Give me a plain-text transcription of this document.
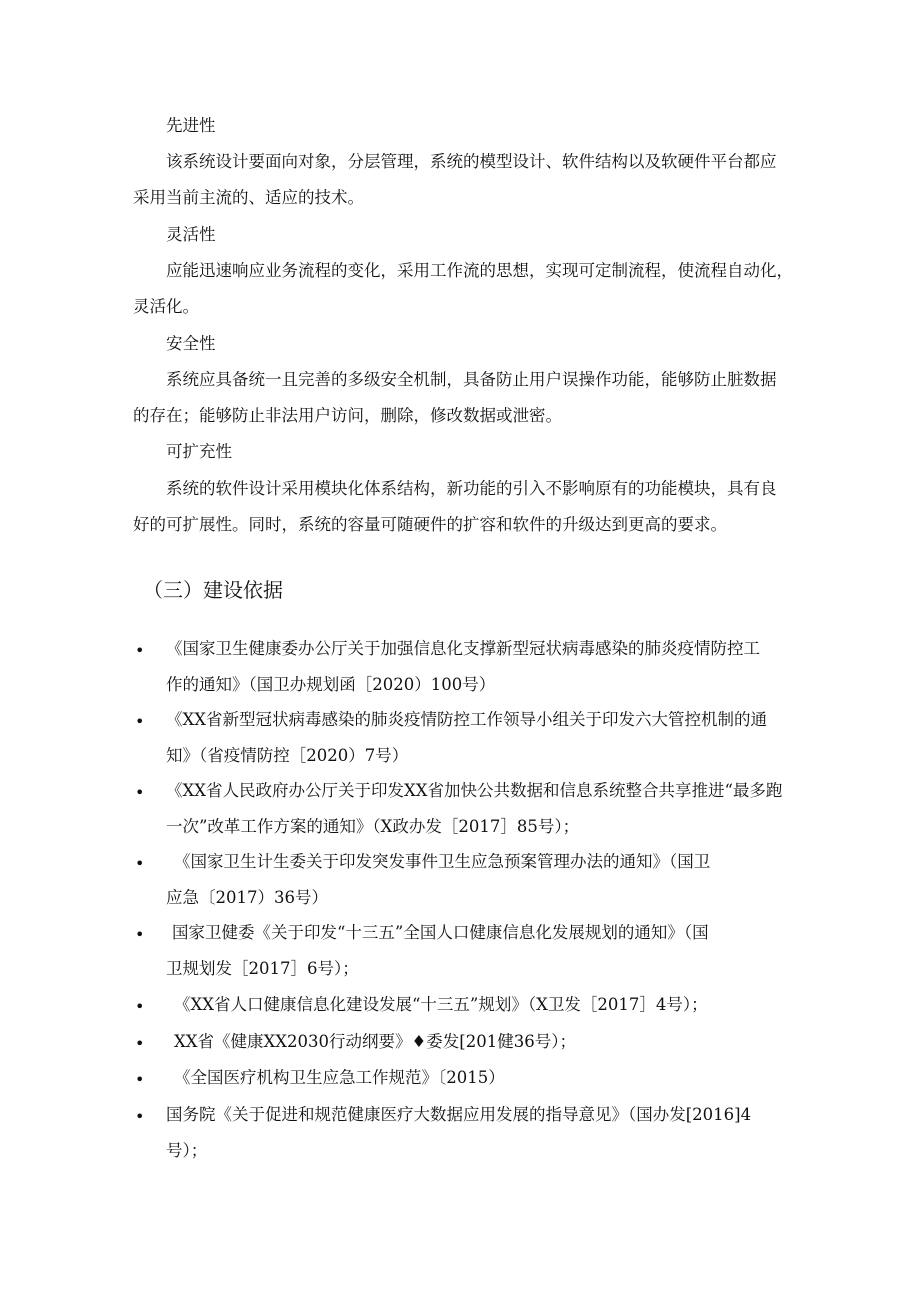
先进性
该系统设计要面向对象，分层管理，系统的模型设计、软件结构以及软硬件平台都应
采用当前主流的、适应的技术。
灵活性
应能迅速响应业务流程的变化，采用工作流的思想，实现可定制流程，使流程自动化，
灵活化。
安全性
系统应具备统一且完善的多级安全机制，具备防止用户误操作功能，能够防止脏数据
的存在；能够防止非法用户访问，删除，修改数据或泄密。
可扩充性
系统的软件设计采用模块化体系结构，新功能的引入不影响原有的功能模块，具有良
好的可扩展性。同时，系统的容量可随硬件的扩容和软件的升级达到更高的要求。
（三）建设依据
• 《国家卫生健康委办公厅关于加强信息化支撑新型冠状病毒感染的肺炎疫情防控工
作的通知》（国卫办规划函［2020）100号）
• 《XX省新型冠状病毒感染的肺炎疫情防控工作领导小组关于印发六大管控机制的通
知》（省疫情防控［2020）7号）
• 《XX省人民政府办公厅关于印发XX省加快公共数据和信息系统整合共享推进“最多跑
一次”改革工作方案的通知》（X政办发［2017］85号）；
• 《国家卫生计生委关于印发突发事件卫生应急预案管理办法的通知》（国卫
应急〔2017）36号）
• 国家卫健委《关于印发“十三五”全国人口健康信息化发展规划的通知》（国
卫规划发［2017］6号）；
• 《XX省人口健康信息化建设发展“十三五”规划》（X卫发［2017］4号）；
• XX省《健康XX2030行动纲要》♦委发[201健36号）；
• 《全国医疗机构卫生应急工作规范》〔2015）
• 国务院《关于促进和规范健康医疗大数据应用发展的指导意见》（国办发[2016]4
号）；
